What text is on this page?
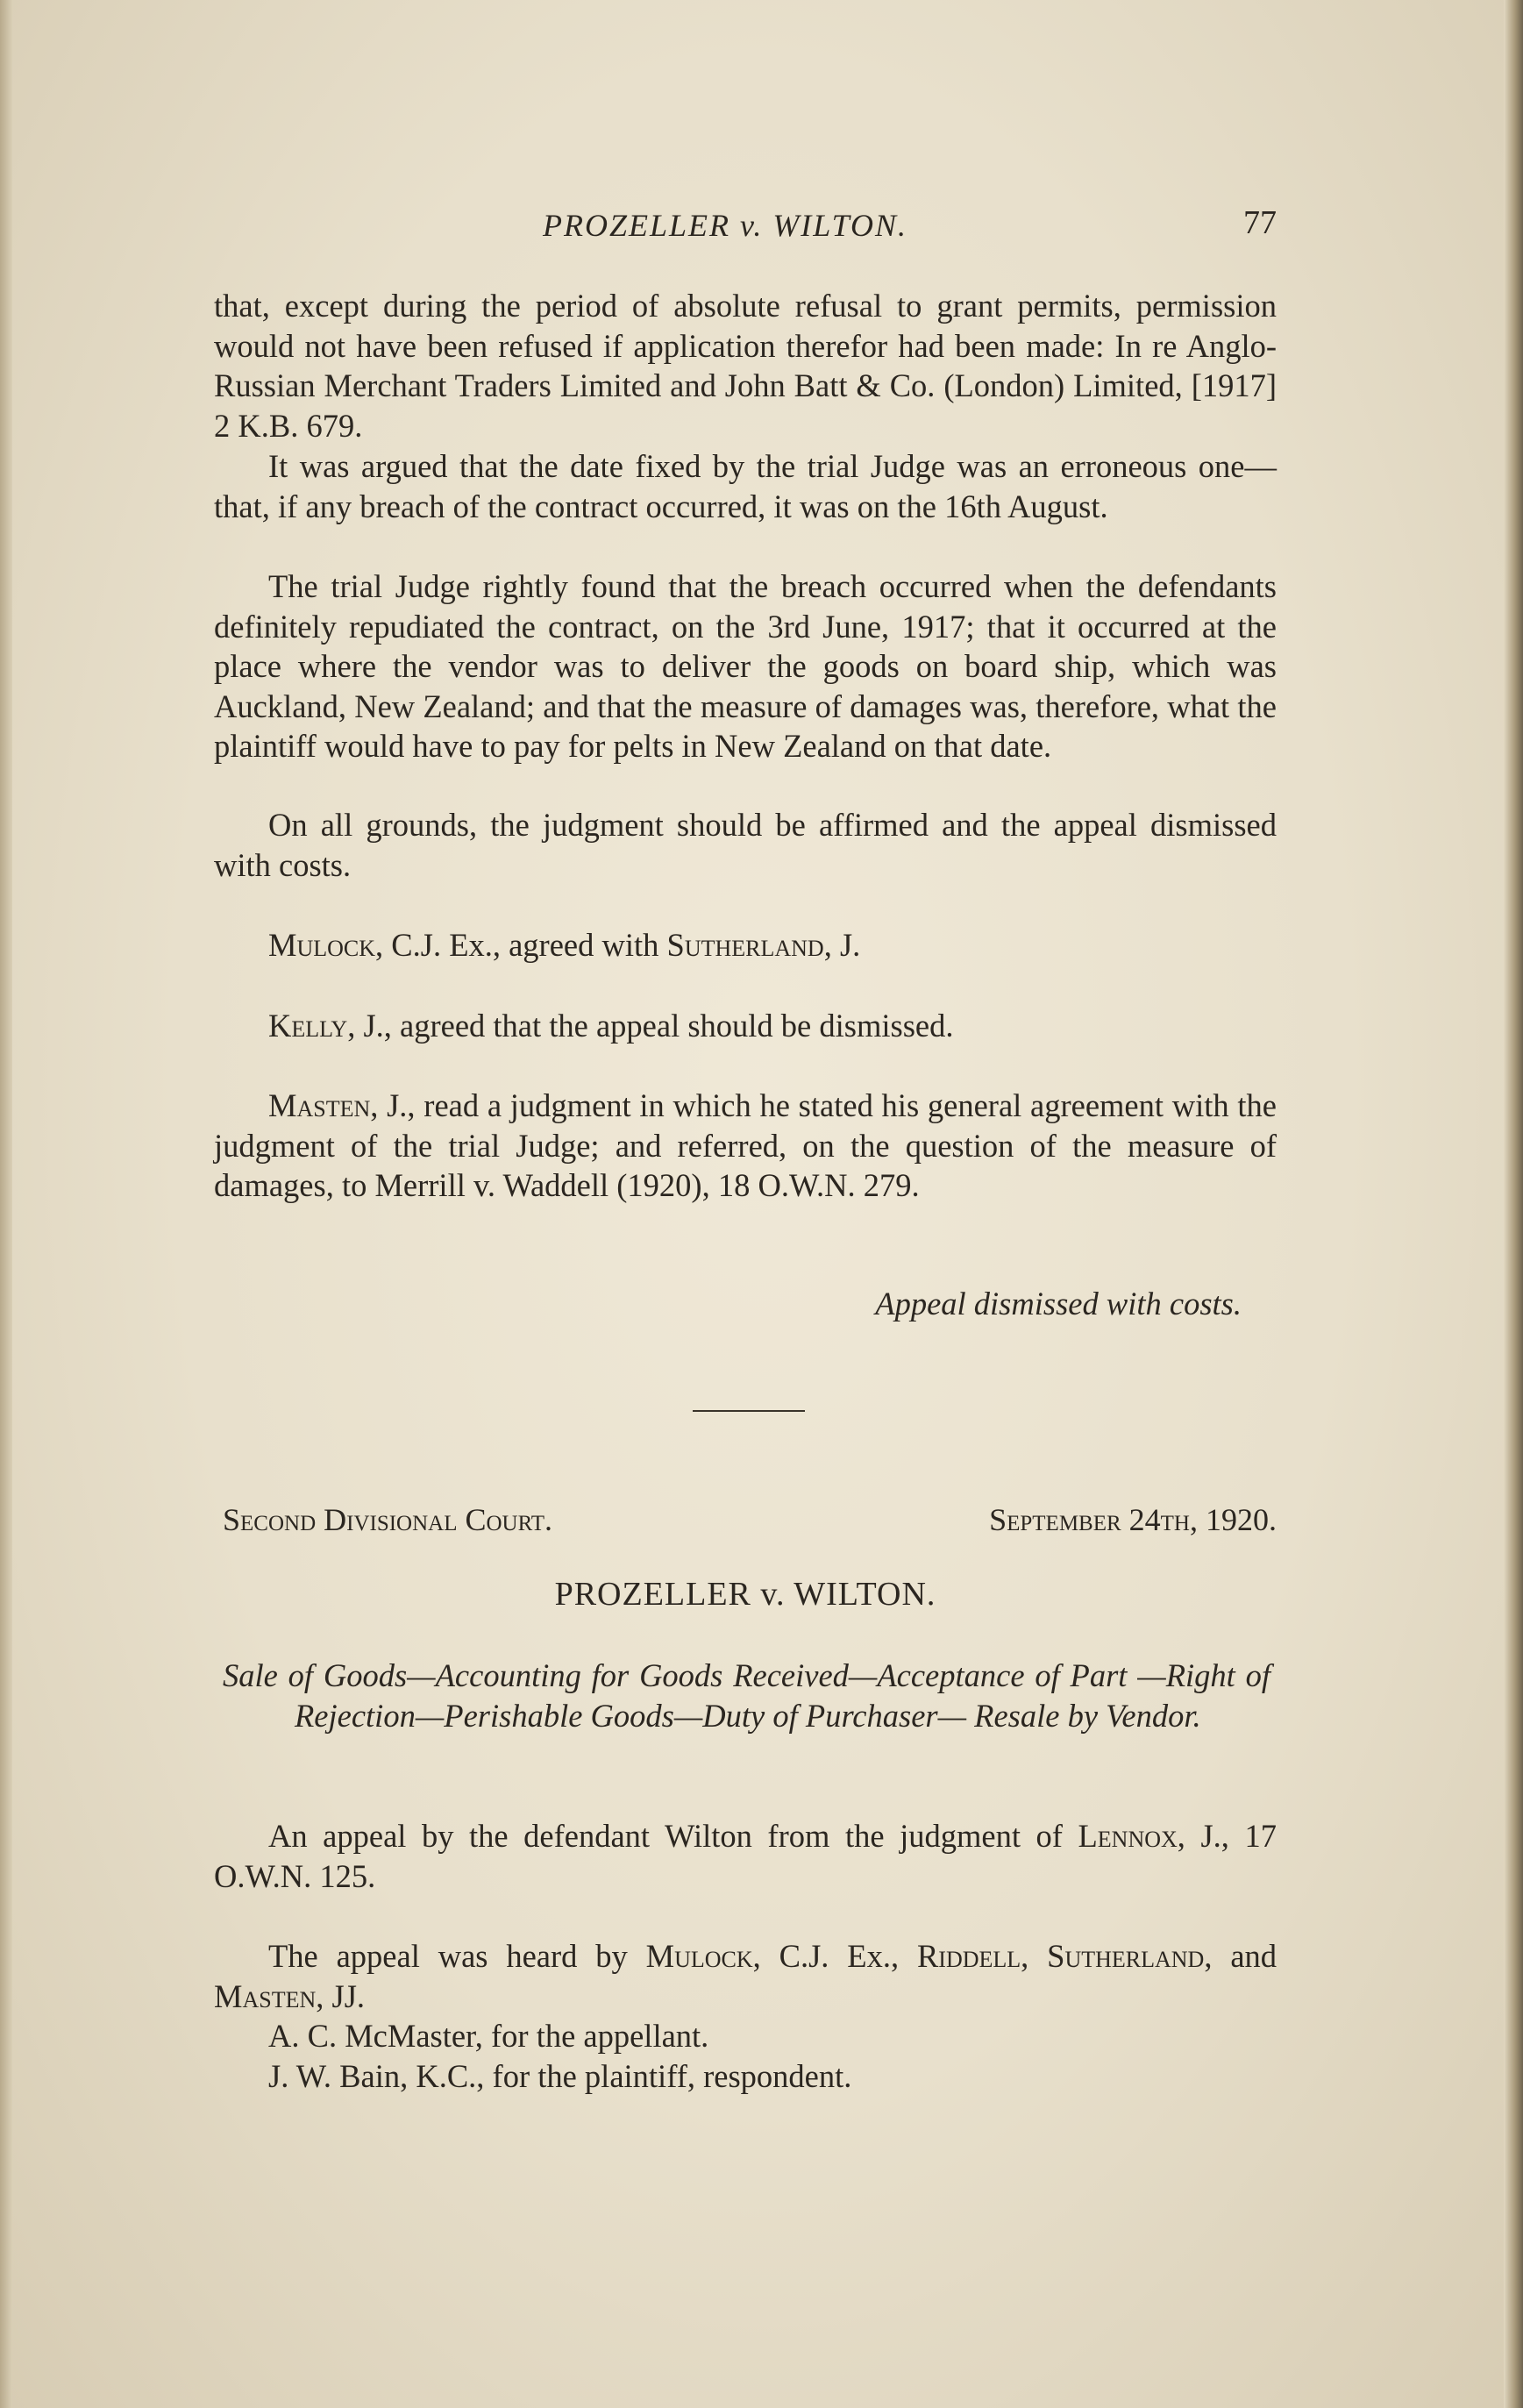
PROZELLER v. WILTON.	77

that, except during the period of absolute refusal to grant permits, permission would not have been refused if application therefor had been made: In re Anglo-Russian Merchant Traders Limited and John Batt & Co. (London) Limited, [1917] 2 K.B. 679.

It was argued that the date fixed by the trial Judge was an erroneous one—that, if any breach of the contract occurred, it was on the 16th August.

The trial Judge rightly found that the breach occurred when the defendants definitely repudiated the contract, on the 3rd June, 1917; that it occurred at the place where the vendor was to deliver the goods on board ship, which was Auckland, New Zealand; and that the measure of damages was, therefore, what the plaintiff would have to pay for pelts in New Zealand on that date.

On all grounds, the judgment should be affirmed and the appeal dismissed with costs.

Mulock, C.J. Ex., agreed with Sutherland, J.

Kelly, J., agreed that the appeal should be dismissed.

Masten, J., read a judgment in which he stated his general agreement with the judgment of the trial Judge; and referred, on the question of the measure of damages, to Merrill v. Waddell (1920), 18 O.W.N. 279.

Appeal dismissed with costs.
Second Divisional Court.	September 24th, 1920.
PROZELLER v. WILTON.
Sale of Goods—Accounting for Goods Received—Acceptance of Part —Right of Rejection—Perishable Goods—Duty of Purchaser— Resale by Vendor.

An appeal by the defendant Wilton from the judgment of Lennox, J., 17 O.W.N. 125.

The appeal was heard by Mulock, C.J. Ex., Riddell, Sutherland, and Masten, JJ.

A. C. McMaster, for the appellant.

J. W. Bain, K.C., for the plaintiff, respondent.
